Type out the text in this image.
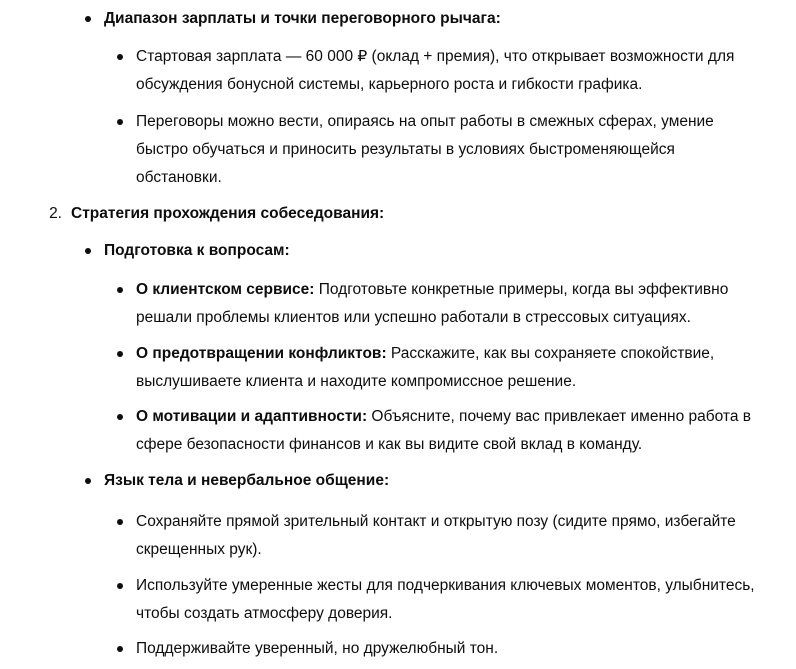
Диапазон зарплаты и точки переговорного рычага:
Стартовая зарплата — 60 000 ₽ (оклад + премия), что открывает возможности для
обсуждения бонусной системы, карьерного роста и гибкости графика.
Переговоры можно вести, опираясь на опыт работы в смежных сферах, умение
быстро обучаться и приносить результаты в условиях быстроменяющейся
обстановки.
2. Стратегия прохождения собеседования:
Подготовка к вопросам:
О клиентском сервисе: Подготовьте конкретные примеры, когда вы эффективно
решали проблемы клиентов или успешно работали в стрессовых ситуациях.
О предотвращении конфликтов: Расскажите, как вы сохраняете спокойствие,
выслушиваете клиента и находите компромиссное решение.
О мотивации и адаптивности: Объясните, почему вас привлекает именно работа в
сфере безопасности финансов и как вы видите свой вклад в команду.
Язык тела и невербальное общение:
Сохраняйте прямой зрительный контакт и открытую позу (сидите прямо, избегайте
скрещенных рук).
Используйте умеренные жесты для подчеркивания ключевых моментов, улыбнитесь,
чтобы создать атмосферу доверия.
Поддерживайте уверенный, но дружелюбный тон.
